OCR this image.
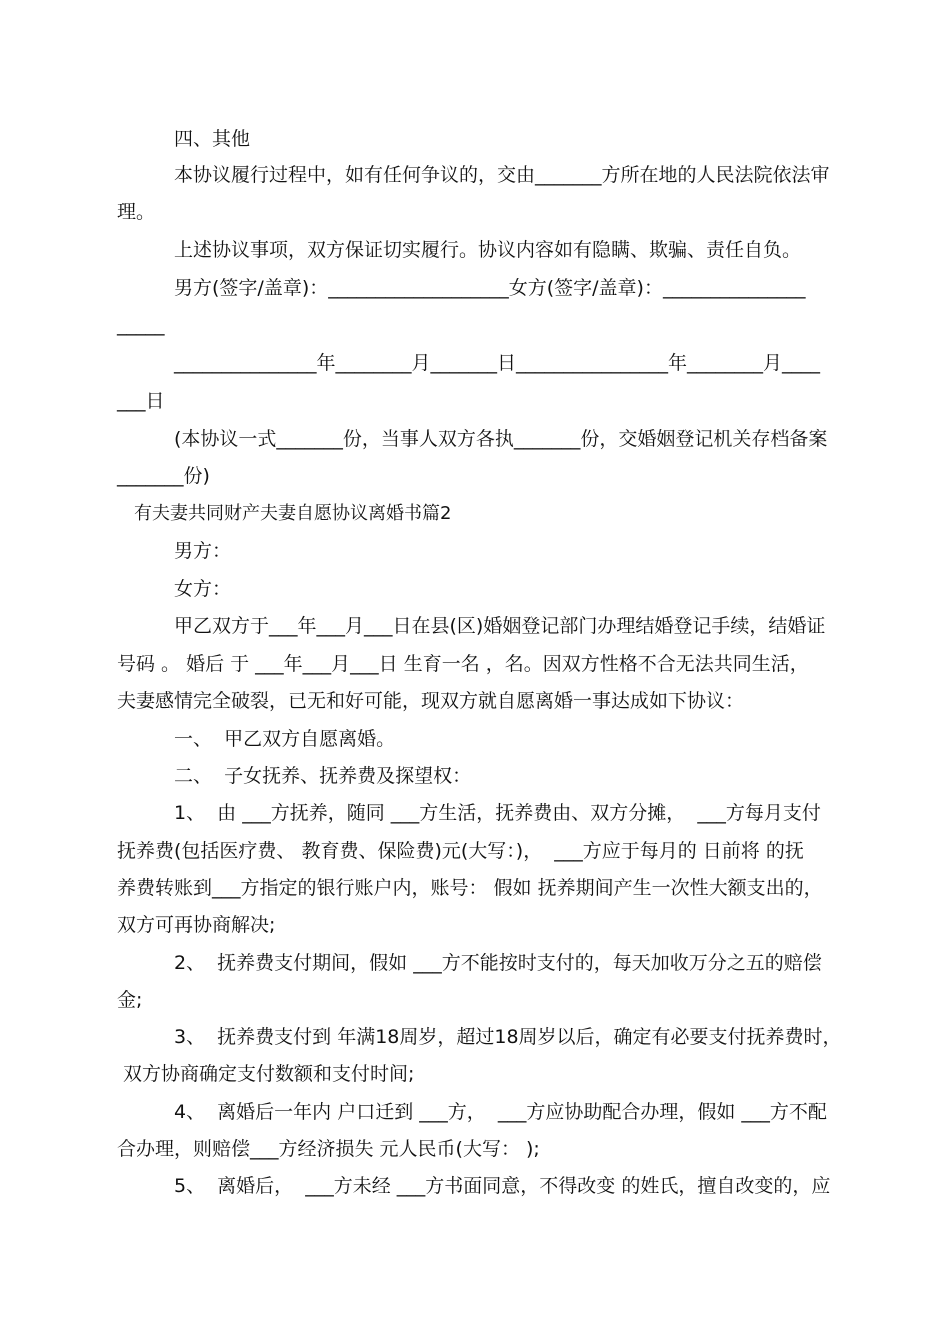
四、其他

本协议履行过程中，如有任何争议的，交由_______方所在地的人民法院依法审

理。

上述协议事项，双方保证切实履行。协议内容如有隐瞒、欺骗、责任自负。

男方(签字/盖章)：___________________女方(签字/盖章)：_______________

_____

_______________年________月_______日________________年________月____

___日

(本协议一式_______份，当事人双方各执_______份，交婚姻登记机关存档备案

_______份)

有夫妻共同财产夫妻自愿协议离婚书篇2

男方：

女方：

甲乙双方于___年___月___日在县(区)婚姻登记部门办理结婚登记手续，结婚证

号码 。 婚后 于 ___年___月___日 生育一名 ，名。因双方性格不合无法共同生活，

夫妻感情完全破裂，已无和好可能，现双方就自愿离婚一事达成如下协议：

一、  甲乙双方自愿离婚。

二、  子女抚养、抚养费及探望权：

1、  由 ___方抚养，随同 ___方生活，抚养费由、双方分摊，  ___方每月支付

抚养费(包括医疗费、 教育费、保险费)元(大写：)，  ___方应于每月的 日前将 的抚

养费转账到___方指定的银行账户内，账号： 假如 抚养期间产生一次性大额支出的，

双方可再协商解决;

2、  抚养费支付期间，假如 ___方不能按时支付的，每天加收万分之五的赔偿

金;

3、  抚养费支付到 年满18周岁，超过18周岁以后，确定有必要支付抚养费时，

双方协商确定支付数额和支付时间;

4、  离婚后一年内 户口迁到 ___方，  ___方应协助配合办理，假如 ___方不配

合办理，则赔偿___方经济损失 元人民币(大写： );

5、  离婚后，  ___方未经 ___方书面同意，不得改变 的姓氏，擅自改变的，应
